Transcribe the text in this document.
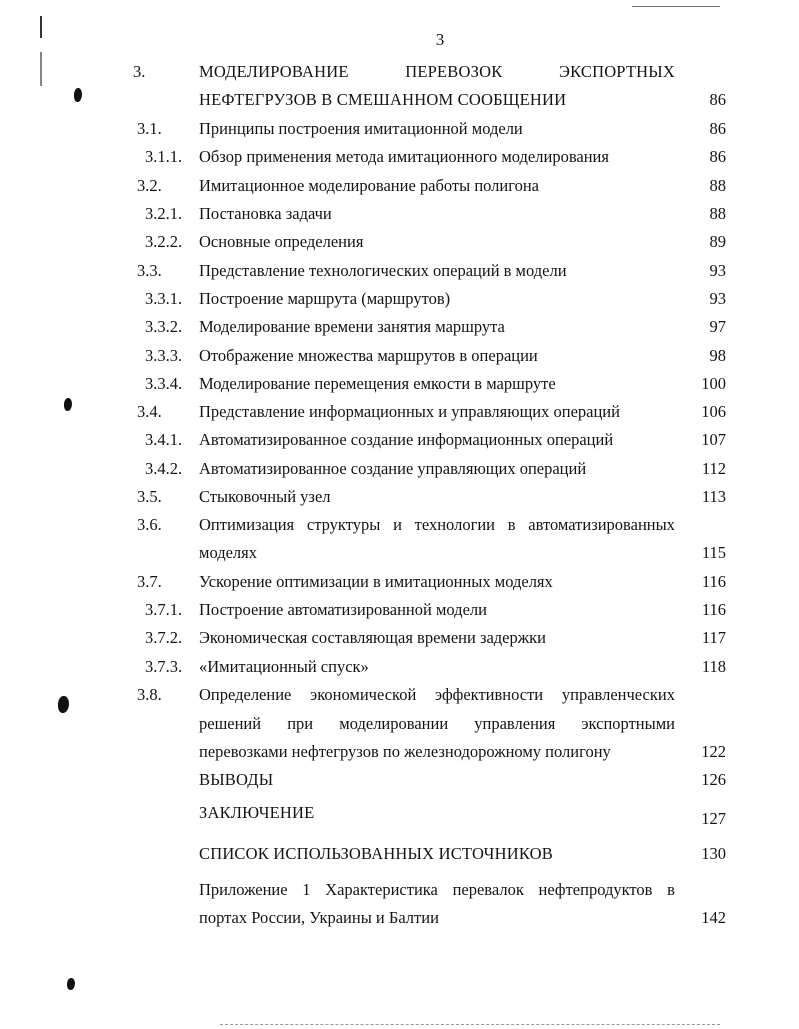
3
3.	МОДЕЛИРОВАНИЕ	ПЕРЕВОЗОК	ЭКСПОРТНЫХ
НЕФТЕГРУЗОВ В СМЕШАННОМ СООБЩЕНИИ	86
3.1. Принципы построения имитационной модели	86
3.1.1. Обзор применения метода имитационного моделирования	86
3.2. Имитационное моделирование работы полигона	88
3.2.1. Постановка задачи	88
3.2.2. Основные определения	89
3.3. Представление технологических операций в модели	93
3.3.1. Построение маршрута (маршрутов)	93
3.3.2. Моделирование времени занятия маршрута	97
3.3.3. Отображение множества маршрутов в операции	98
3.3.4. Моделирование перемещения емкости в маршруте	100
3.4. Представление информационных и управляющих операций	106
3.4.1. Автоматизированное создание информационных операций	107
3.4.2. Автоматизированное создание управляющих операций	112
3.5. Стыковочный узел	113
3.6. Оптимизация структуры и технологии в автоматизированных
моделях	115
3.7. Ускорение оптимизации в имитационных моделях	116
3.7.1. Построение автоматизированной модели	116
3.7.2. Экономическая составляющая времени задержки	117
3.7.3. «Имитационный спуск»	118
3.8. Определение экономической эффективности управленческих
решений при моделировании управления экспортными
перевозками нефтегрузов по железнодорожному полигону	122
ВЫВОДЫ	126
ЗАКЛЮЧЕНИЕ	127
СПИСОК ИСПОЛЬЗОВАННЫХ ИСТОЧНИКОВ	130
Приложение 1 Характеристика перевалок нефтепродуктов в
портах России, Украины и Балтии	142
